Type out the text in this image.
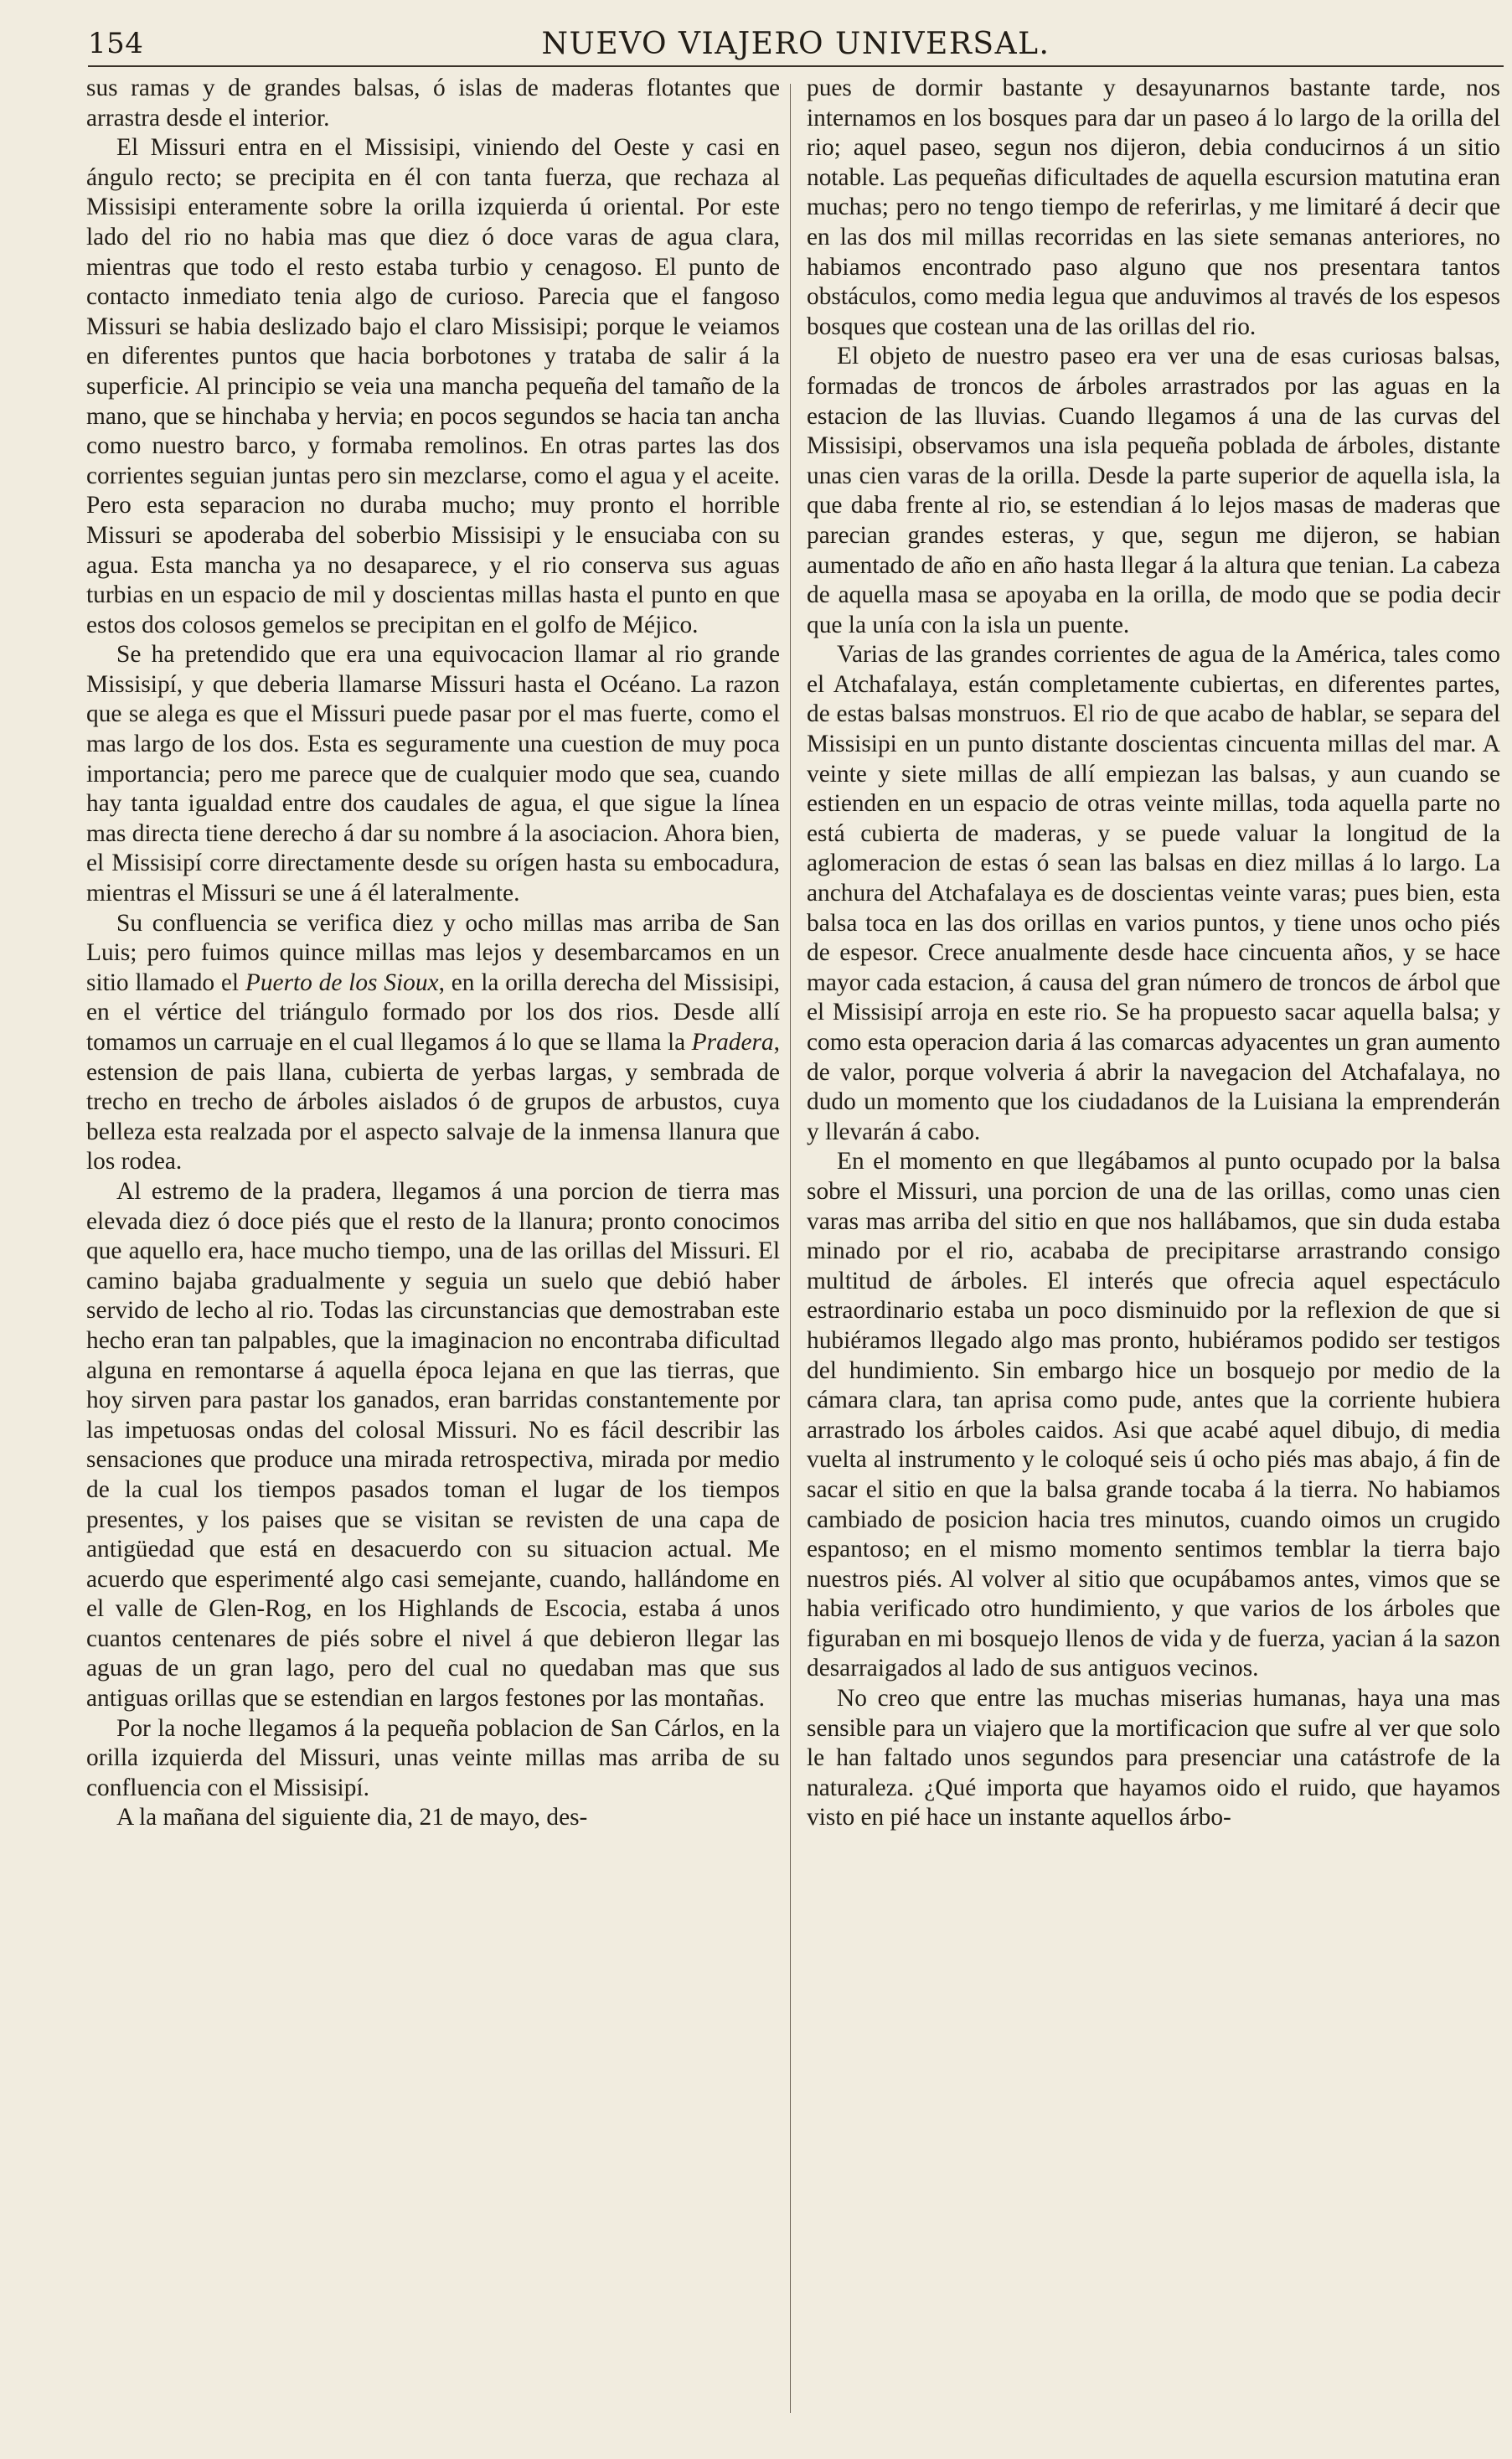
154	NUEVO VIAJERO UNIVERSAL.

sus ramas y de grandes balsas, ó islas de maderas flotantes que arrastra desde el interior.

El Missuri entra en el Missisipi, viniendo del Oeste y casi en ángulo recto; se precipita en él con tanta fuerza, que rechaza al Missisipi enteramente sobre la orilla izquierda ú oriental. Por este lado del rio no habia mas que diez ó doce varas de agua clara, mientras que todo el resto estaba turbio y cenagoso. El punto de contacto inmediato tenia algo de curioso. Parecia que el fangoso Missuri se habia deslizado bajo el claro Missisipi; porque le veiamos en diferentes puntos que hacia borbotones y trataba de salir á la superficie. Al principio se veia una mancha pequeña del tamaño de la mano, que se hinchaba y hervia; en pocos segundos se hacia tan ancha como nuestro barco, y formaba remolinos. En otras partes las dos corrientes seguian juntas pero sin mezclarse, como el agua y el aceite. Pero esta separacion no duraba mucho; muy pronto el horrible Missuri se apoderaba del soberbio Missisipi y le ensuciaba con su agua. Esta mancha ya no desaparece, y el rio conserva sus aguas turbias en un espacio de mil y doscientas millas hasta el punto en que estos dos colosos gemelos se precipitan en el golfo de Méjico.

Se ha pretendido que era una equivocacion llamar al rio grande Missisipí, y que deberia llamarse Missuri hasta el Océano. La razon que se alega es que el Missuri puede pasar por el mas fuerte, como el mas largo de los dos. Esta es seguramente una cuestion de muy poca importancia; pero me parece que de cualquier modo que sea, cuando hay tanta igualdad entre dos caudales de agua, el que sigue la línea mas directa tiene derecho á dar su nombre á la asociacion. Ahora bien, el Missisipí corre directamente desde su orígen hasta su embocadura, mientras el Missuri se une á él lateralmente.

Su confluencia se verifica diez y ocho millas mas arriba de San Luis; pero fuimos quince millas mas lejos y desembarcamos en un sitio llamado el Puerto de los Sioux, en la orilla derecha del Missisipi, en el vértice del triángulo formado por los dos rios. Desde allí tomamos un carruaje en el cual llegamos á lo que se llama la Pradera, estension de pais llana, cubierta de yerbas largas, y sembrada de trecho en trecho de árboles aislados ó de grupos de arbustos, cuya belleza esta realzada por el aspecto salvaje de la inmensa llanura que los rodea.

Al estremo de la pradera, llegamos á una porcion de tierra mas elevada diez ó doce piés que el resto de la llanura; pronto conocimos que aquello era, hace mucho tiempo, una de las orillas del Missuri. El camino bajaba gradualmente y seguia un suelo que debió haber servido de lecho al rio. Todas las circunstancias que demostraban este hecho eran tan palpables, que la imaginacion no encontraba dificultad alguna en remontarse á aquella época lejana en que las tierras, que hoy sirven para pastar los ganados, eran barridas constantemente por las impetuosas ondas del colosal Missuri. No es fácil describir las sensaciones que produce una mirada retrospectiva, mirada por medio de la cual los tiempos pasados toman el lugar de los tiempos presentes, y los paises que se visitan se revisten de una capa de antigüedad que está en desacuerdo con su situacion actual. Me acuerdo que esperimenté algo casi semejante, cuando, hallándome en el valle de Glen-Rog, en los Highlands de Escocia, estaba á unos cuantos centenares de piés sobre el nivel á que debieron llegar las aguas de un gran lago, pero del cual no quedaban mas que sus antiguas orillas que se estendian en largos festones por las montañas.

Por la noche llegamos á la pequeña poblacion de San Cárlos, en la orilla izquierda del Missuri, unas veinte millas mas arriba de su confluencia con el Missisipí.

A la mañana del siguiente dia, 21 de mayo, des-

pues de dormir bastante y desayunarnos bastante tarde, nos internamos en los bosques para dar un paseo á lo largo de la orilla del rio; aquel paseo, segun nos dijeron, debia conducirnos á un sitio notable. Las pequeñas dificultades de aquella escursion matutina eran muchas; pero no tengo tiempo de referirlas, y me limitaré á decir que en las dos mil millas recorridas en las siete semanas anteriores, no habiamos encontrado paso alguno que nos presentara tantos obstáculos, como media legua que anduvimos al través de los espesos bosques que costean una de las orillas del rio.

El objeto de nuestro paseo era ver una de esas curiosas balsas, formadas de troncos de árboles arrastrados por las aguas en la estacion de las lluvias. Cuando llegamos á una de las curvas del Missisipi, observamos una isla pequeña poblada de árboles, distante unas cien varas de la orilla. Desde la parte superior de aquella isla, la que daba frente al rio, se estendian á lo lejos masas de maderas que parecian grandes esteras, y que, segun me dijeron, se habian aumentado de año en año hasta llegar á la altura que tenian. La cabeza de aquella masa se apoyaba en la orilla, de modo que se podia decir que la unía con la isla un puente.

Varias de las grandes corrientes de agua de la América, tales como el Atchafalaya, están completamente cubiertas, en diferentes partes, de estas balsas monstruos. El rio de que acabo de hablar, se separa del Missisipi en un punto distante doscientas cincuenta millas del mar. A veinte y siete millas de allí empiezan las balsas, y aun cuando se estienden en un espacio de otras veinte millas, toda aquella parte no está cubierta de maderas, y se puede valuar la longitud de la aglomeracion de estas ó sean las balsas en diez millas á lo largo. La anchura del Atchafalaya es de doscientas veinte varas; pues bien, esta balsa toca en las dos orillas en varios puntos, y tiene unos ocho piés de espesor. Crece anualmente desde hace cincuenta años, y se hace mayor cada estacion, á causa del gran número de troncos de árbol que el Missisipí arroja en este rio. Se ha propuesto sacar aquella balsa; y como esta operacion daria á las comarcas adyacentes un gran aumento de valor, porque volveria á abrir la navegacion del Atchafalaya, no dudo un momento que los ciudadanos de la Luisiana la emprenderán y llevarán á cabo.

En el momento en que llegábamos al punto ocupado por la balsa sobre el Missuri, una porcion de una de las orillas, como unas cien varas mas arriba del sitio en que nos hallábamos, que sin duda estaba minado por el rio, acababa de precipitarse arrastrando consigo multitud de árboles. El interés que ofrecia aquel espectáculo estraordinario estaba un poco disminuido por la reflexion de que si hubiéramos llegado algo mas pronto, hubiéramos podido ser testigos del hundimiento. Sin embargo hice un bosquejo por medio de la cámara clara, tan aprisa como pude, antes que la corriente hubiera arrastrado los árboles caidos. Asi que acabé aquel dibujo, di media vuelta al instrumento y le coloqué seis ú ocho piés mas abajo, á fin de sacar el sitio en que la balsa grande tocaba á la tierra. No habiamos cambiado de posicion hacia tres minutos, cuando oimos un crugido espantoso; en el mismo momento sentimos temblar la tierra bajo nuestros piés. Al volver al sitio que ocupábamos antes, vimos que se habia verificado otro hundimiento, y que varios de los árboles que figuraban en mi bosquejo llenos de vida y de fuerza, yacian á la sazon desarraigados al lado de sus antiguos vecinos.

No creo que entre las muchas miserias humanas, haya una mas sensible para un viajero que la mortificacion que sufre al ver que solo le han faltado unos segundos para presenciar una catástrofe de la naturaleza. ¿Qué importa que hayamos oido el ruido, que hayamos visto en pié hace un instante aquellos árbo-
